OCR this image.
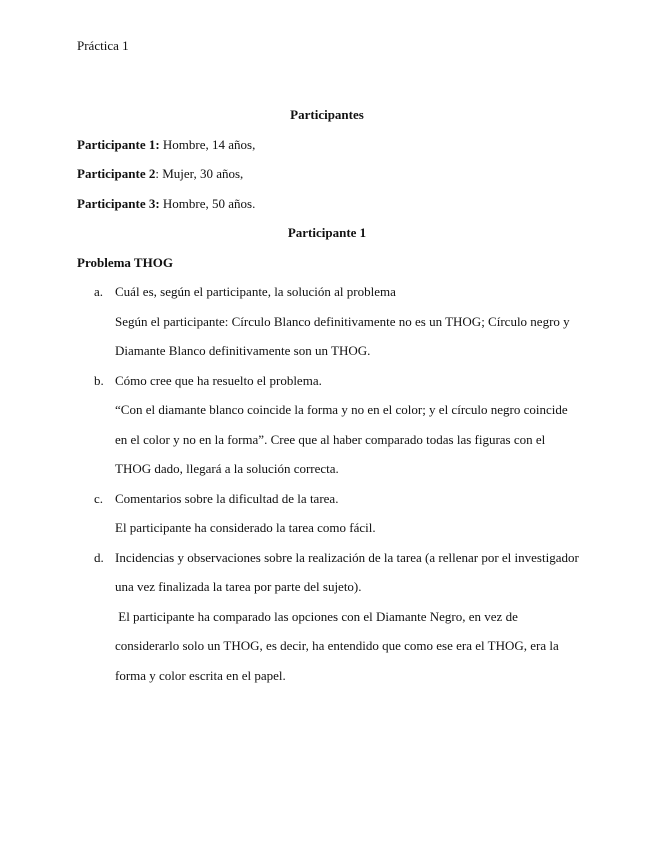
Práctica 1
Participantes
Participante 1: Hombre, 14 años,
Participante 2: Mujer, 30 años,
Participante 3: Hombre, 50 años.
Participante 1
Problema THOG
a. Cuál es, según el participante, la solución al problema
Según el participante: Círculo Blanco definitivamente no es un THOG; Círculo negro y
Diamante Blanco definitivamente son un THOG.
b. Cómo cree que ha resuelto el problema.
“Con el diamante blanco coincide la forma y no en el color; y el círculo negro coincide
en el color y no en la forma”. Cree que al haber comparado todas las figuras con el
THOG dado, llegará a la solución correcta.
c. Comentarios sobre la dificultad de la tarea.
El participante ha considerado la tarea como fácil.
d. Incidencias y observaciones sobre la realización de la tarea (a rellenar por el investigador
una vez finalizada la tarea por parte del sujeto).
El participante ha comparado las opciones con el Diamante Negro, en vez de
considerarlo solo un THOG, es decir, ha entendido que como ese era el THOG, era la
forma y color escrita en el papel.
